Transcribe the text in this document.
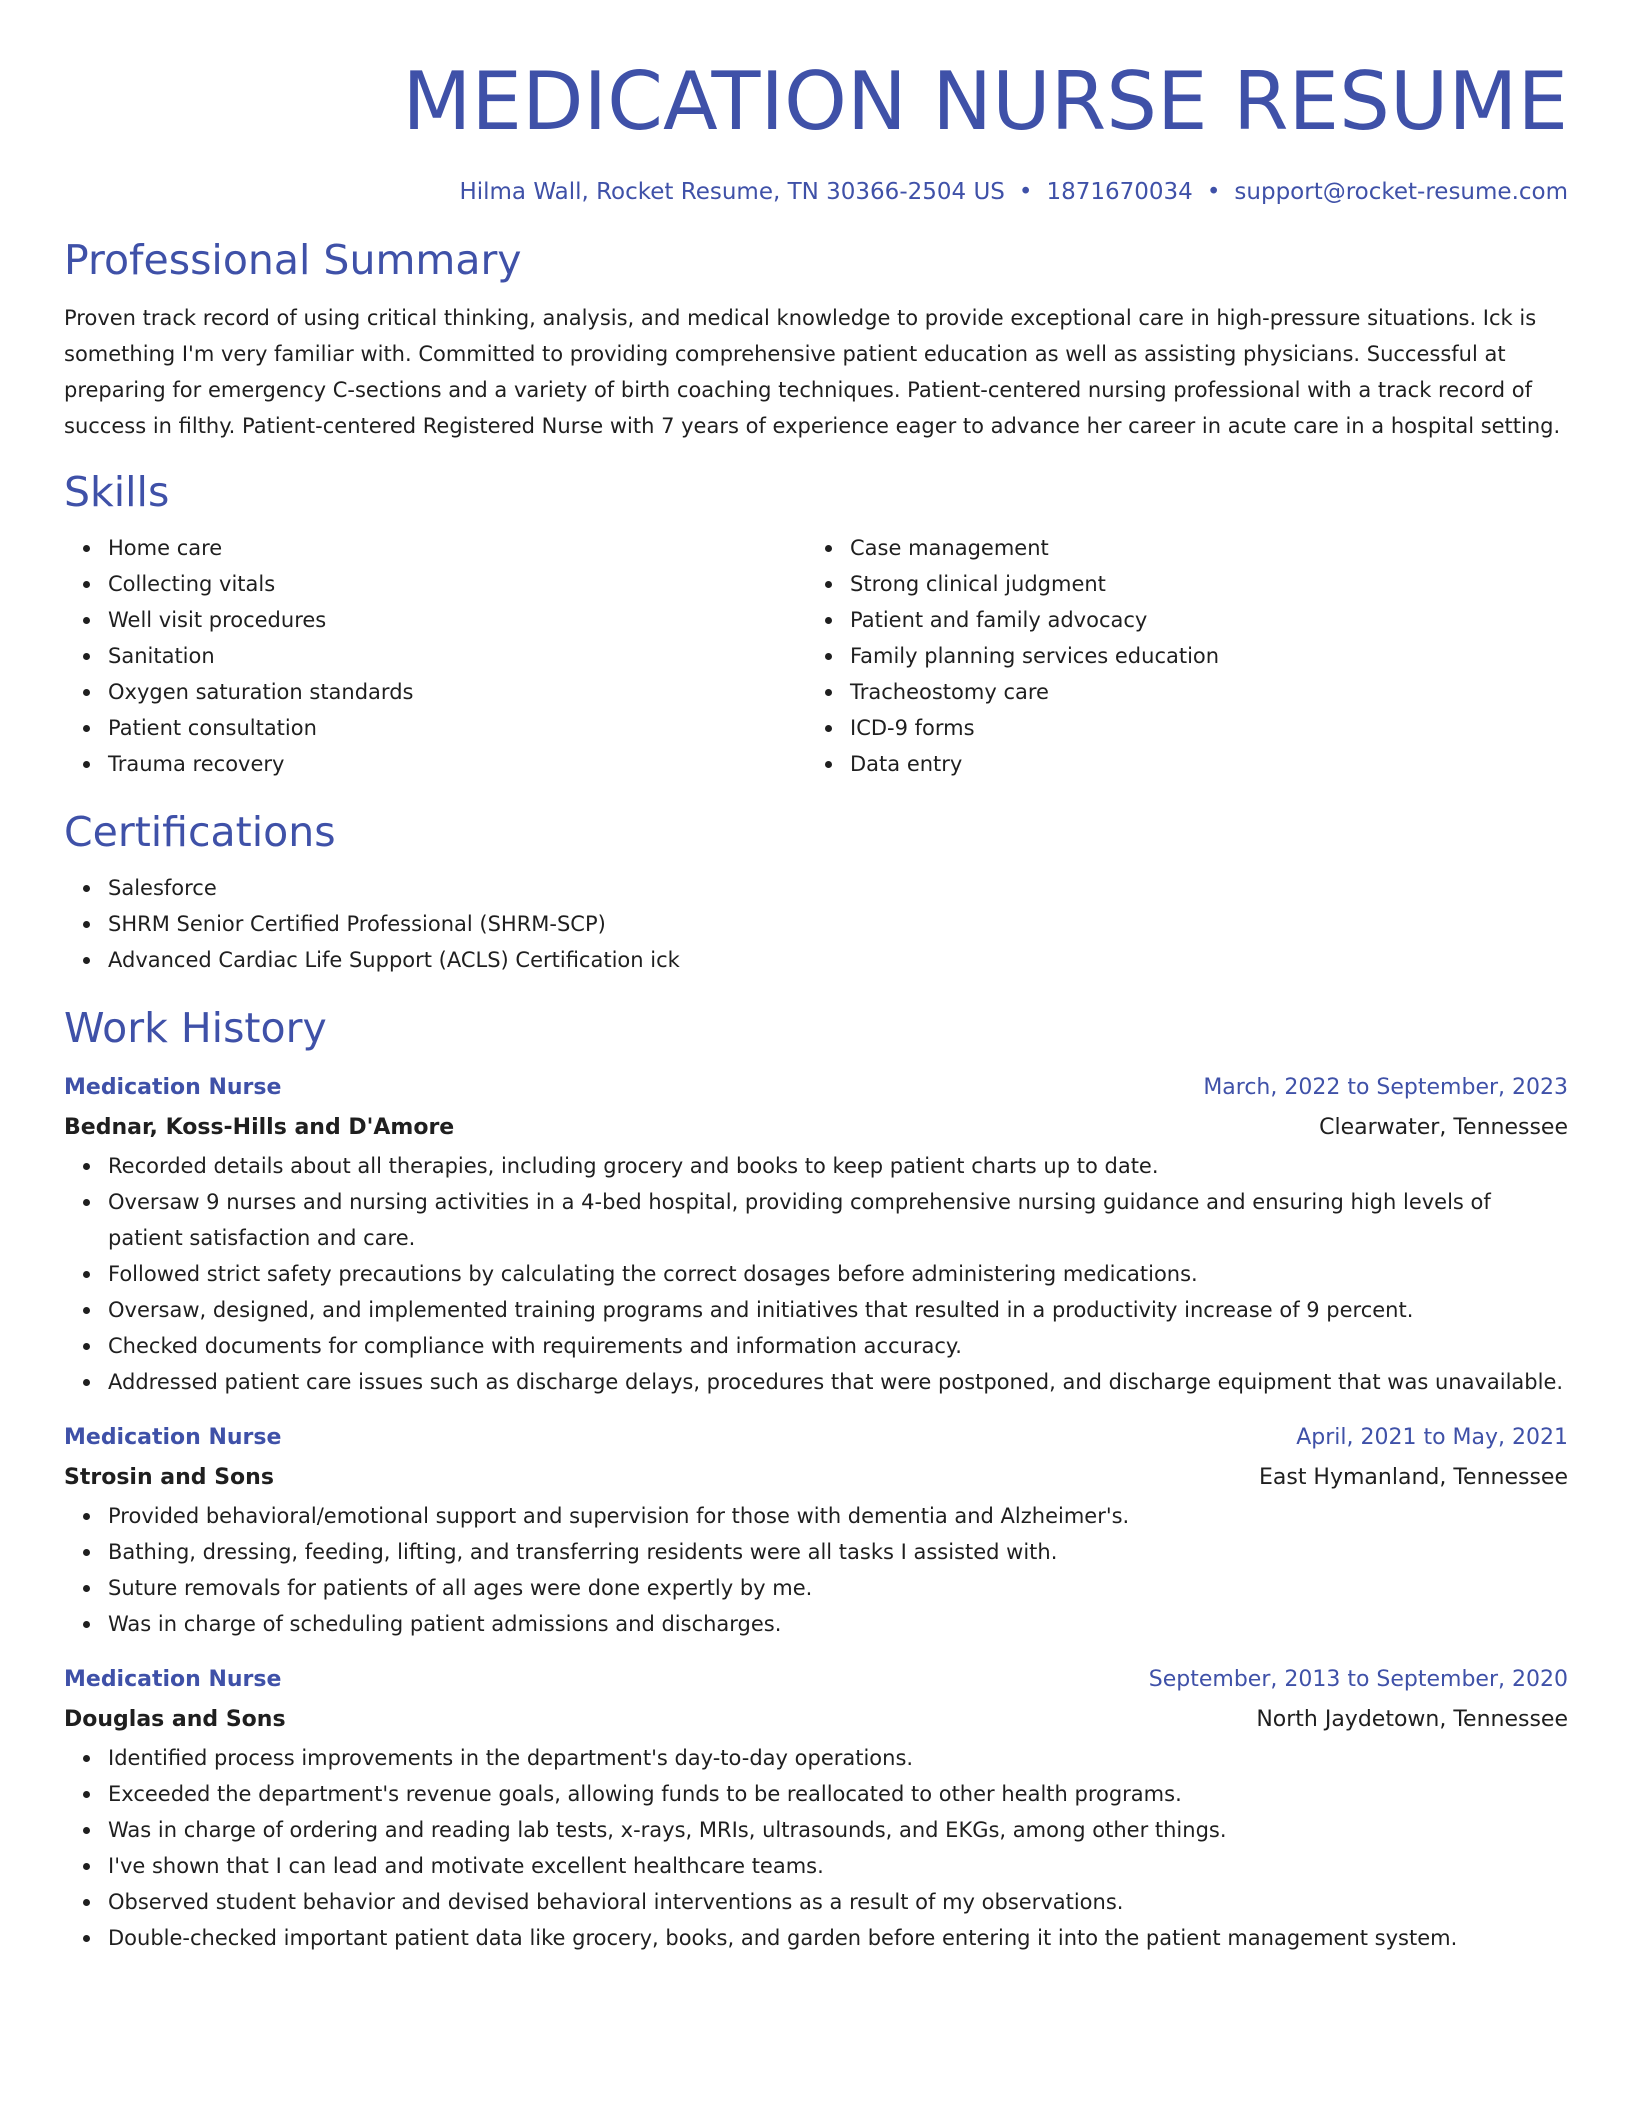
MEDICATION NURSE RESUME
Hilma Wall, Rocket Resume, TN 30366-2504 US • 1871670034 • support@rocket-resume.com
Professional Summary

Proven track record of using critical thinking, analysis, and medical knowledge to provide exceptional care in high-pressure situations. Ick is something I'm very familiar with. Committed to providing comprehensive patient education as well as assisting physicians. Successful at preparing for emergency C-sections and a variety of birth coaching techniques. Patient-centered nursing professional with a track record of success in filthy. Patient-centered Registered Nurse with 7 years of experience eager to advance her career in acute care in a hospital setting.

Skills
Home care
Collecting vitals
Well visit procedures
Sanitation
Oxygen saturation standards
Patient consultation
Trauma recovery
Case management
Strong clinical judgment
Patient and family advocacy
Family planning services education
Tracheostomy care
ICD-9 forms
Data entry
Certifications
Salesforce
SHRM Senior Certified Professional (SHRM-SCP)
Advanced Cardiac Life Support (ACLS) Certification ick
Work History
Medication Nurse	March, 2022 to September, 2023
Bednar, Koss-Hills and D'Amore	Clearwater, Tennessee
Recorded details about all therapies, including grocery and books to keep patient charts up to date.
Oversaw 9 nurses and nursing activities in a 4-bed hospital, providing comprehensive nursing guidance and ensuring high levels of patient satisfaction and care.
Followed strict safety precautions by calculating the correct dosages before administering medications.
Oversaw, designed, and implemented training programs and initiatives that resulted in a productivity increase of 9 percent.
Checked documents for compliance with requirements and information accuracy.
Addressed patient care issues such as discharge delays, procedures that were postponed, and discharge equipment that was unavailable.
Medication Nurse	April, 2021 to May, 2021
Strosin and Sons	East Hymanland, Tennessee
Provided behavioral/emotional support and supervision for those with dementia and Alzheimer's.
Bathing, dressing, feeding, lifting, and transferring residents were all tasks I assisted with.
Suture removals for patients of all ages were done expertly by me.
Was in charge of scheduling patient admissions and discharges.
Medication Nurse	September, 2013 to September, 2020
Douglas and Sons	North Jaydetown, Tennessee
Identified process improvements in the department's day-to-day operations.
Exceeded the department's revenue goals, allowing funds to be reallocated to other health programs.
Was in charge of ordering and reading lab tests, x-rays, MRIs, ultrasounds, and EKGs, among other things.
I've shown that I can lead and motivate excellent healthcare teams.
Observed student behavior and devised behavioral interventions as a result of my observations.
Double-checked important patient data like grocery, books, and garden before entering it into the patient management system.
